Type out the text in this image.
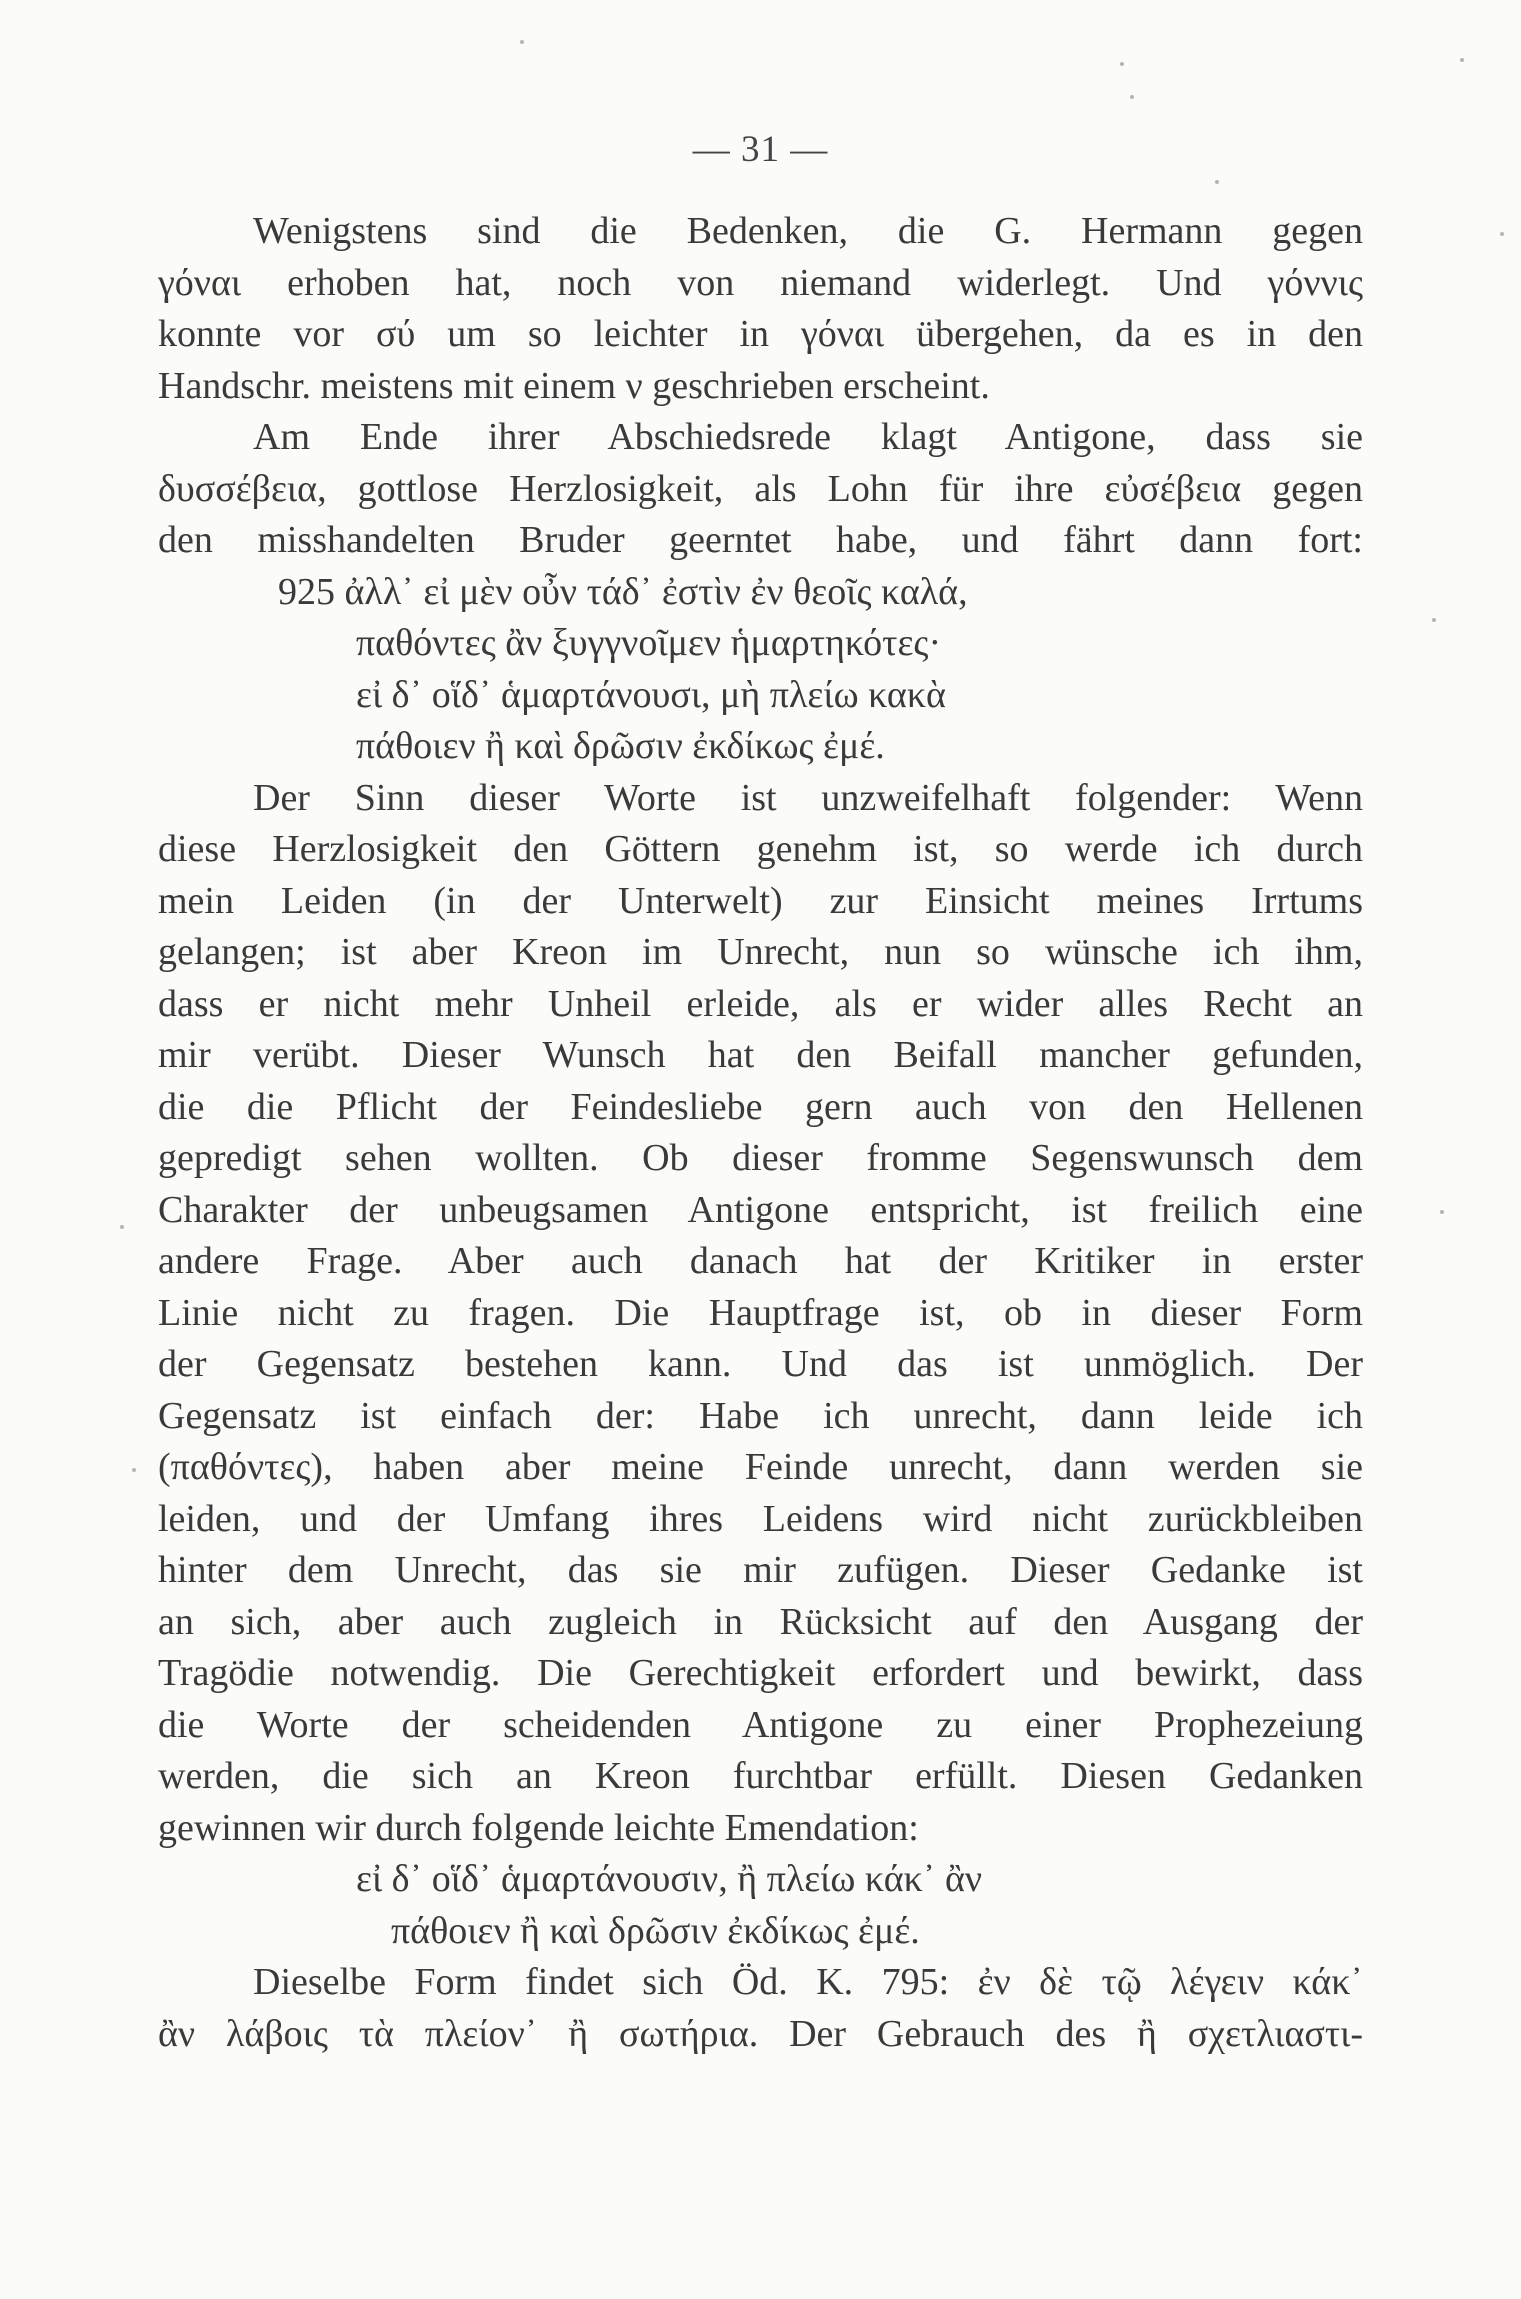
— 31 —
Wenigstens sind die Bedenken, die G. Hermann gegen
γόναι erhoben hat, noch von niemand widerlegt. Und γόννις
konnte vor σύ um so leichter in γόναι übergehen, da es in den
Handschr. meistens mit einem ν geschrieben erscheint.
Am Ende ihrer Abschiedsrede klagt Antigone, dass sie
δυσσέβεια, gottlose Herzlosigkeit, als Lohn für ihre εὐσέβεια gegen
den misshandelten Bruder geerntet habe, und fährt dann fort:
925 ἀλλ᾽ εἰ μὲν οὖν τάδ᾽ ἐστὶν ἐν θεοῖς καλά,
παθόντες ἂν ξυγγνοῖμεν ἡμαρτηκότες·
εἰ δ᾽ οἵδ᾽ ἁμαρτάνουσι, μὴ πλείω κακὰ
πάθοιεν ἢ καὶ δρῶσιν ἐκδίκως ἐμέ.
Der Sinn dieser Worte ist unzweifelhaft folgender: Wenn
diese Herzlosigkeit den Göttern genehm ist, so werde ich durch
mein Leiden (in der Unterwelt) zur Einsicht meines Irrtums
gelangen; ist aber Kreon im Unrecht, nun so wünsche ich ihm,
dass er nicht mehr Unheil erleide, als er wider alles Recht an
mir verübt. Dieser Wunsch hat den Beifall mancher gefunden,
die die Pflicht der Feindesliebe gern auch von den Hellenen
gepredigt sehen wollten. Ob dieser fromme Segenswunsch dem
Charakter der unbeugsamen Antigone entspricht, ist freilich eine
andere Frage. Aber auch danach hat der Kritiker in erster
Linie nicht zu fragen. Die Hauptfrage ist, ob in dieser Form
der Gegensatz bestehen kann. Und das ist unmöglich. Der
Gegensatz ist einfach der: Habe ich unrecht, dann leide ich
(παθόντες), haben aber meine Feinde unrecht, dann werden sie
leiden, und der Umfang ihres Leidens wird nicht zurückbleiben
hinter dem Unrecht, das sie mir zufügen. Dieser Gedanke ist
an sich, aber auch zugleich in Rücksicht auf den Ausgang der
Tragödie notwendig. Die Gerechtigkeit erfordert und bewirkt, dass
die Worte der scheidenden Antigone zu einer Prophezeiung
werden, die sich an Kreon furchtbar erfüllt. Diesen Gedanken
gewinnen wir durch folgende leichte Emendation:
εἰ δ᾽ οἵδ᾽ ἁμαρτάνουσιν, ἢ πλείω κάκ᾽ ἂν
πάθοιεν ἢ καὶ δρῶσιν ἐκδίκως ἐμέ.
Dieselbe Form findet sich Öd. K. 795: ἐν δὲ τῷ λέγειν κάκ᾽
ἂν λάβοις τὰ πλείον᾽ ἢ σωτήρια. Der Gebrauch des ἢ σχετλιαστι-
